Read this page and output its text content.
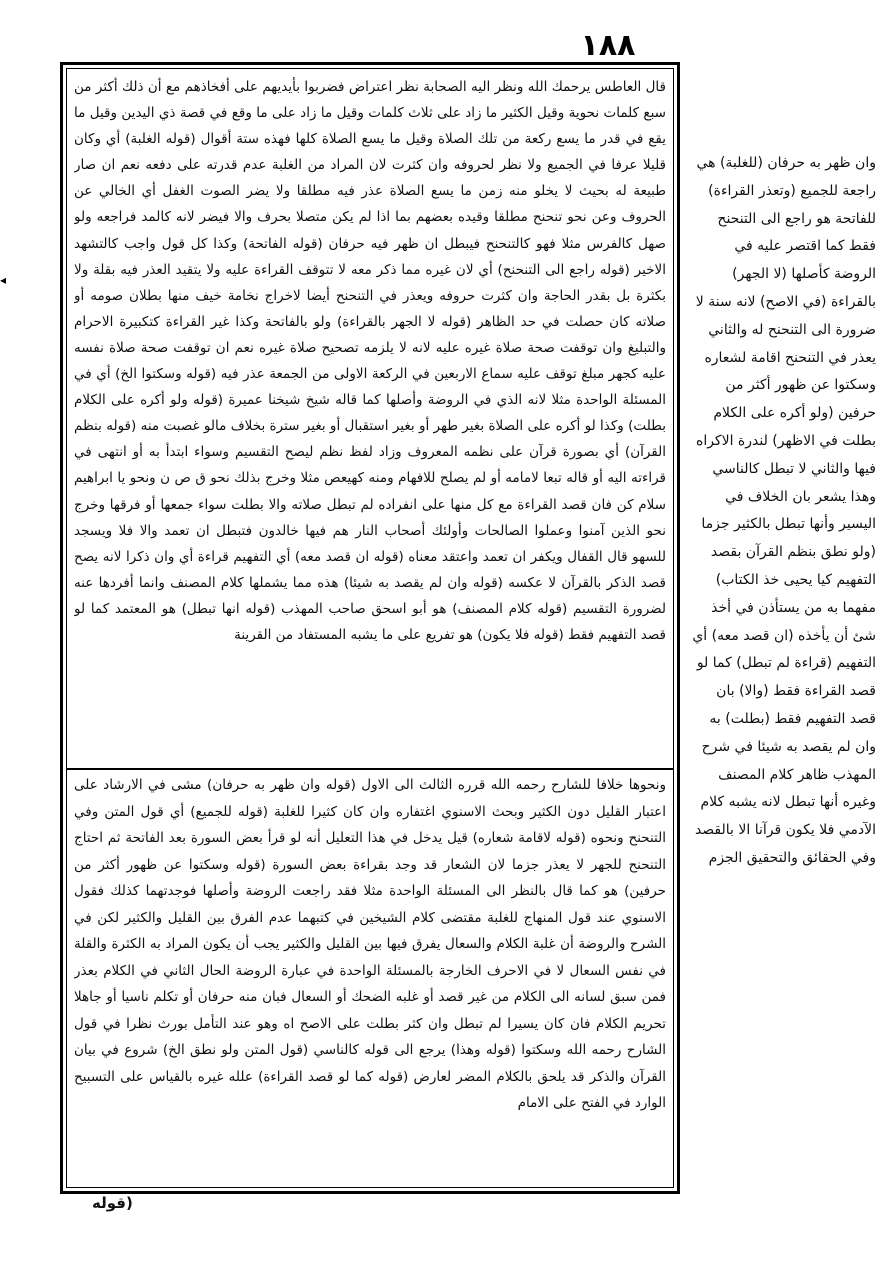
١٨٨
◂
قال العاطس يرحمك الله ونظر اليه الصحابة نظر اعتراض فضربوا بأيديهم على أفخاذهم مع أن ذلك أكثر من سبع كلمات نحوية وقيل الكثير ما زاد على ثلاث كلمات وقيل ما زاد على ما وقع في قصة ذي اليدين وقيل ما يقع في قدر ما يسع ركعة من تلك الصلاة وقيل ما يسع الصلاة كلها فهذه ستة أقوال (قوله الغلبة) أي وكان قليلا عرفا في الجميع ولا نظر لحروفه وان كثرت لان المراد من الغلبة عدم قدرته على دفعه نعم ان صار طبيعة له بحيث لا يخلو منه زمن ما يسع الصلاة عذر فيه مطلقا ولا يضر الصوت الغفل أي الخالي عن الحروف وعن نحو تنحنح مطلقا وقيده بعضهم بما اذا لم يكن متصلا بحرف والا فيضر لانه كالمد فراجعه ولو صهل كالفرس مثلا فهو كالتنحنح فيبطل ان ظهر فيه حرفان (قوله الفاتحة) وكذا كل قول واجب كالتشهد الاخير (قوله راجع الى التنحنح) أي لان غيره مما ذكر معه لا تتوقف القراءة عليه ولا يتقيد العذر فيه بقلة ولا بكثرة بل بقدر الحاجة وان كثرت حروفه ويعذر في التنحنح أيضا لاخراج نخامة خيف منها بطلان صومه أو صلاته كان حصلت في حد الظاهر (قوله لا الجهر بالقراءة) ولو بالفاتحة وكذا غير القراءة كتكبيرة الاحرام والتبليغ وان توقفت صحة صلاة غيره عليه لانه لا يلزمه تصحيح صلاة غيره نعم ان توقفت صحة صلاة نفسه عليه كجهر مبلغ توقف عليه سماع الاربعين في الركعة الاولى من الجمعة عذر فيه (قوله وسكتوا الخ) أي في المسئلة الواحدة مثلا لانه الذي في الروضة وأصلها كما قاله شيخ شيخنا عميرة (قوله ولو أكره على الكلام بطلت) وكذا لو أكره على الصلاة بغير طهر أو بغير استقبال أو بغير سترة بخلاف مالو غصبت منه (قوله بنظم القرآن) أي بصورة قرآن على نظمه المعروف وزاد لفظ نظم ليصح التقسيم وسواء ابتدأ به أو انتهى في قراءته اليه أو قاله تبعا لامامه أو لم يصلح للافهام ومنه كهيعص مثلا وخرج بذلك نحو ق ص ن ونحو يا ابراهيم سلام كن فان قصد القراءة مع كل منها على انفراده لم تبطل صلاته والا بطلت سواء جمعها أو فرقها وخرج نحو الذين آمنوا وعملوا الصالحات وأولئك أصحاب النار هم فيها خالدون فتبطل ان تعمد والا فلا ويسجد للسهو قال القفال ويكفر ان تعمد واعتقد معناه (قوله ان قصد معه) أي التفهيم قراءة أي وان ذكرا لانه يصح قصد الذكر بالقرآن لا عكسه (قوله وان لم يقصد به شيئا) هذه مما يشملها كلام المصنف وانما أفردها عنه لضرورة التقسيم (قوله كلام المصنف) هو أبو اسحق صاحب المهذب (قوله انها تبطل) هو المعتمد كما لو قصد التفهيم فقط (قوله فلا يكون) هو تفريع على ما يشبه المستفاد من القرينة
ونحوها خلافا للشارح رحمه الله قرره الثالث الى الاول (قوله وان ظهر به حرفان) مشى في الارشاد على اعتبار القليل دون الكثير وبحث الاسنوي اغتفاره وان كان كثيرا للغلبة (قوله للجميع) أي قول المتن وفي التنحنح ونحوه (قوله لاقامة شعاره) قيل يدخل في هذا التعليل أنه لو قرأ بعض السورة بعد الفاتحة ثم احتاج التنحنح للجهر لا يعذر جزما لان الشعار قد وجد بقراءة بعض السورة (قوله وسكتوا عن ظهور أكثر من حرفين) هو كما قال بالنظر الى المسئلة الواحدة مثلا فقد راجعت الروضة وأصلها فوجدتهما كذلك فقول الاسنوي عند قول المنهاج للغلبة مقتضى كلام الشيخين في كتبهما عدم الفرق بين القليل والكثير لكن في الشرح والروضة أن غلبة الكلام والسعال يفرق فيها بين القليل والكثير يجب أن يكون المراد به الكثرة والقلة في نفس السعال لا في الاحرف الخارجة بالمسئلة الواحدة في عبارة الروضة الحال الثاني في الكلام بعذر فمن سبق لسانه الى الكلام من غير قصد أو غلبه الضحك أو السعال فبان منه حرفان أو تكلم ناسيا أو جاهلا تحريم الكلام فان كان يسيرا لم تبطل وان كثر بطلت على الاصح اه وهو عند التأمل بورث نظرا في قول الشارح رحمه الله وسكتوا (قوله وهذا) يرجع الى قوله كالناسي (قول المتن ولو نطق الخ) شروع في بيان القرآن والذكر قد يلحق بالكلام المضر لعارض (قوله كما لو قصد القراءة) علله غيره بالقياس على التسبيح الوارد في الفتح على الامام
وان ظهر به حرفان (للغلبة) هي راجعة للجميع (وتعذر القراءة) للفاتحة هو راجع الى التنحنح فقط كما اقتصر عليه في الروضة كأصلها (لا الجهر) بالقراءة (في الاصح) لانه سنة لا ضرورة الى التنحنح له والثاني يعذر في التنحنح اقامة لشعاره وسكتوا عن ظهور أكثر من حرفين (ولو أكره على الكلام بطلت في الاظهر) لندرة الاكراه فيها والثاني لا تبطل كالناسي وهذا يشعر بان الخلاف في اليسير وأنها تبطل بالكثير جزما (ولو نطق بنظم القرآن بقصد التفهيم كيا يحيى خذ الكتاب) مفهما به من يستأذن في أخذ شئ أن يأخذه (ان قصد معه) أي التفهيم (قراءة لم تبطل) كما لو قصد القراءة فقط (والا) بان قصد التفهيم فقط (بطلت) به وان لم يقصد به شيئا في شرح المهذب ظاهر كلام المصنف وغيره أنها تبطل لانه يشبه كلام الآدمي فلا يكون قرآنا الا بالقصد وفي الحقائق والتحقيق الجزم
(قوله
